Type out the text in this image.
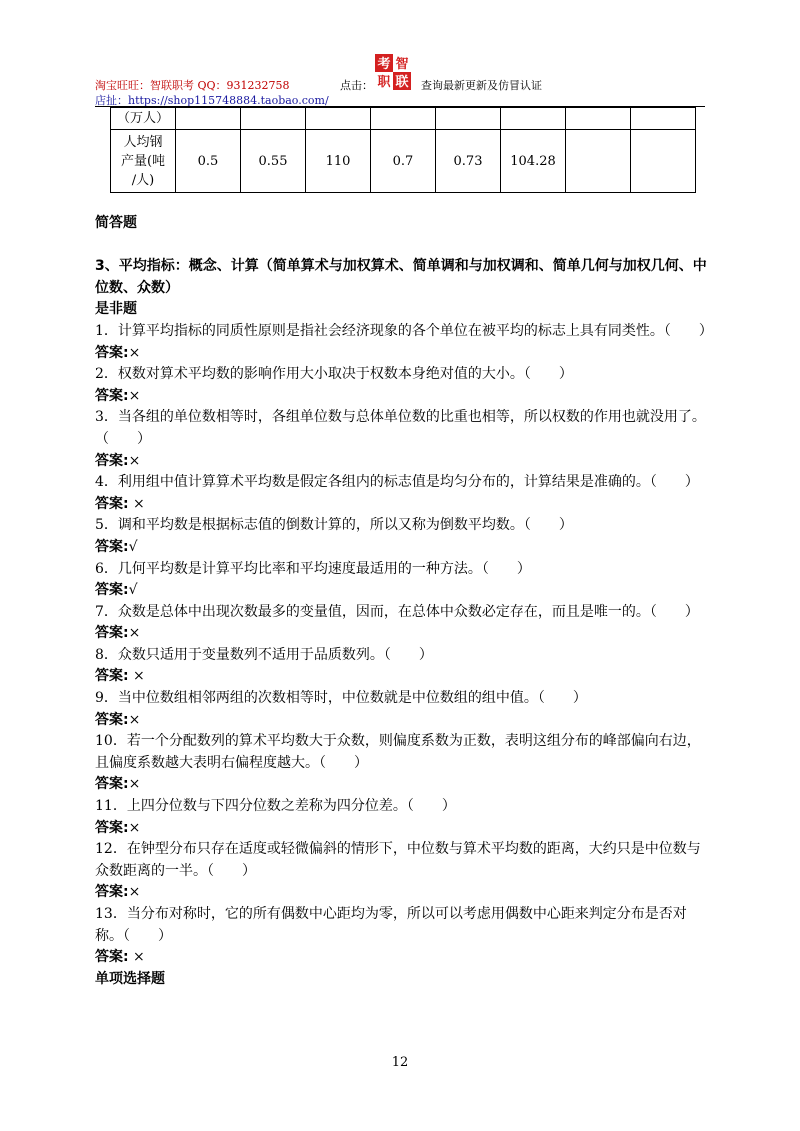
淘宝旺旺：智联职考 QQ：931232758
店扯：https://shop115748884.taobao.com/
点击：
考 智
职 联 查询最新更新及仿冒认证
（万人）								

人均钢
产量(吨
/人)	0.5	0.55	110	0.7	0.73	104.28		

简答题

3、平均指标：概念、计算（简单算术与加权算术、简单调和与加权调和、简单几何与加权几何、中位数、众数）

是非题

1．计算平均指标的同质性原则是指社会经济现象的各个单位在被平均的标志上具有同类性。（　　）

答案:×

2．权数对算术平均数的影响作用大小取决于权数本身绝对值的大小。（　　）

答案:×

3．当各组的单位数相等时，各组单位数与总体单位数的比重也相等，所以权数的作用也就没用了。（　　）

答案:×

4．利用组中值计算算术平均数是假定各组内的标志值是均匀分布的，计算结果是准确的。（　　）

答案: ×

5．调和平均数是根据标志值的倒数计算的，所以又称为倒数平均数。（　　）

答案:√

6．几何平均数是计算平均比率和平均速度最适用的一种方法。（　　）

答案:√

7．众数是总体中出现次数最多的变量值，因而，在总体中众数必定存在，而且是唯一的。（　　）

答案:×

8．众数只适用于变量数列不适用于品质数列。（　　）

答案: ×

9．当中位数组相邻两组的次数相等时，中位数就是中位数组的组中值。（　　）

答案:×

10．若一个分配数列的算术平均数大于众数，则偏度系数为正数，表明这组分布的峰部偏向右边，且偏度系数越大表明右偏程度越大。（　　）

答案:×

11．上四分位数与下四分位数之差称为四分位差。（　　）

答案:×

12．在钟型分布只存在适度或轻微偏斜的情形下，中位数与算术平均数的距离，大约只是中位数与众数距离的一半。（　　）

答案:×

13．当分布对称时，它的所有偶数中心距均为零，所以可以考虑用偶数中心距来判定分布是否对称。（　　）

答案: ×

单项选择题

12
